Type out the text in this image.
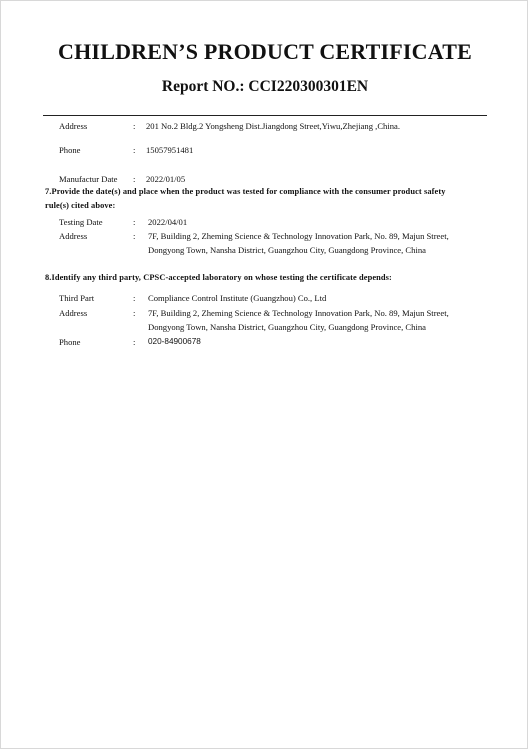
CHILDREN’S PRODUCT CERTIFICATE
Report NO.: CCI220300301EN
Address	: 201 No.2 Bldg.2 Yongsheng Dist.Jiangdong Street,Yiwu,Zhejiang ,China.
Phone	: 15057951481
Manufactur Date : 2022/01/05
7.Provide the date(s) and place when the product was tested for compliance with the consumer product safety
rule(s) cited above:
Testing Date	: 2022/04/01
Address	: 7F, Building 2, Zheming Science & Technology Innovation Park, No. 89, Majun Street,
Dongyong Town, Nansha District, Guangzhou City, Guangdong Province, China
8.Identify any third party, CPSC-accepted laboratory on whose testing the certificate depends:
Third Part	: Compliance Control Institute (Guangzhou) Co., Ltd
Address	: 7F, Building 2, Zheming Science & Technology Innovation Park, No. 89, Majun Street,
Dongyong Town, Nansha District, Guangzhou City, Guangdong Province, China
Phone	: 020-84900678
